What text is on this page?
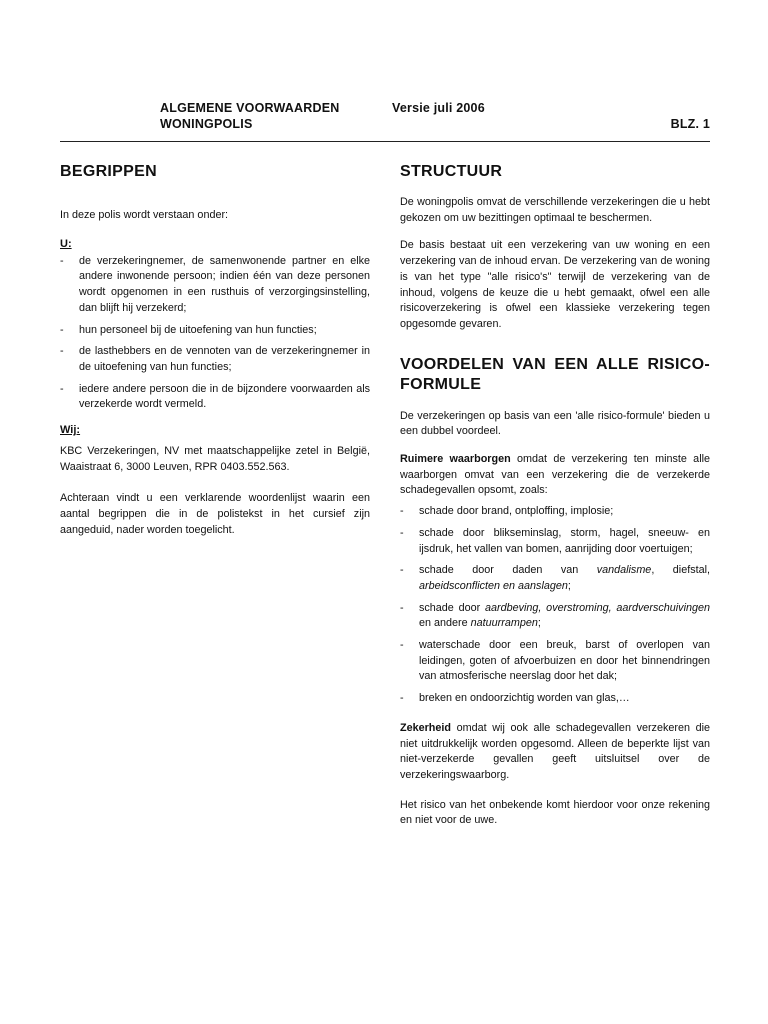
ALGEMENE VOORWAARDEN
WONINGPOLIS
Versie juli 2006
BLZ. 1
BEGRIPPEN

In deze polis wordt verstaan onder:

U:
- de verzekeringnemer, de samenwonende partner en elke andere inwonende persoon; indien één van deze personen wordt opgenomen in een rusthuis of verzorgingsinstelling, dan blijft hij verzekerd;
- hun personeel bij de uitoefening van hun functies;
- de lasthebbers en de vennoten van de verzekeringnemer in de uitoefening van hun functies;
- iedere andere persoon die in de bijzondere voorwaarden als verzekerde wordt vermeld.
Wij:

KBC Verzekeringen, NV met maatschappelijke zetel in België, Waaistraat 6, 3000 Leuven, RPR 0403.552.563.

Achteraan vindt u een verklarende woordenlijst waarin een aantal begrippen die in de polistekst in het cursief zijn aangeduid, nader worden toegelicht.

STRUCTUUR

De woningpolis omvat de verschillende verzekeringen die u hebt gekozen om uw bezittingen optimaal te beschermen.

De basis bestaat uit een verzekering van uw woning en een verzekering van de inhoud ervan. De verzekering van de woning is van het type "alle risico's" terwijl de verzekering van de inhoud, volgens de keuze die u hebt gemaakt, ofwel een alle risicoverzekering is ofwel een klassieke verzekering tegen opgesomde gevaren.

VOORDELEN VAN EEN ALLE RISICO-FORMULE

De verzekeringen op basis van een 'alle risico-formule' bieden u een dubbel voordeel.

Ruimere waarborgen omdat de verzekering ten minste alle waarborgen omvat van een verzekering die de verzekerde schadegevallen opsomt, zoals:

- schade door brand, ontploffing, implosie;
- schade door blikseminslag, storm, hagel, sneeuw- en ijsdruk, het vallen van bomen, aanrijding door voertuigen;
- schade door daden van vandalisme, diefstal, arbeidsconflicten en aanslagen;
- schade door aardbeving, overstroming, aardverschuivingen en andere natuurrampen;
- waterschade door een breuk, barst of overlopen van leidingen, goten of afvoerbuizen en door het binnendringen van atmosferische neerslag door het dak;
- breken en ondoorzichtig worden van glas,…

Zekerheid omdat wij ook alle schadegevallen verzekeren die niet uitdrukkelijk worden opgesomd. Alleen de beperkte lijst van niet-verzekerde gevallen geeft uitsluitsel over de verzekeringswaarborg.

Het risico van het onbekende komt hierdoor voor onze rekening en niet voor de uwe.
